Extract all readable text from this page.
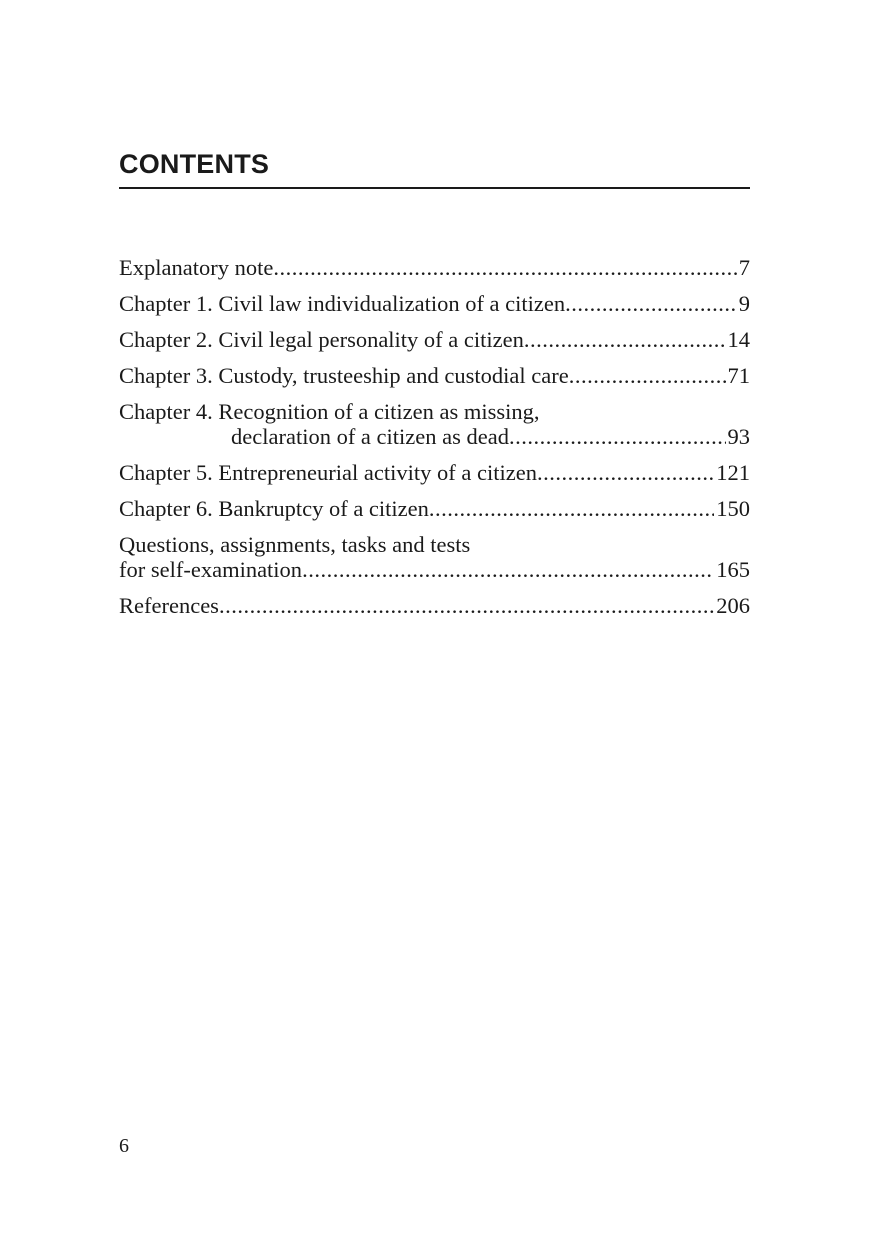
CONTENTS
Explanatory note .....	7
Chapter 1. Civil law individualization of a citizen .....	9
Chapter 2. Civil legal personality of a citizen .....	14
Chapter 3. Custody, trusteeship and custodial care .....	71
Chapter 4. Recognition of a citizen as missing,
declaration of a citizen as dead .....	93
Chapter 5. Entrepreneurial activity of a citizen .....	121
Chapter 6. Bankruptcy of a citizen .....	150
Questions, assignments, tasks and tests
for self-examination .....	165
References .....	206
6
